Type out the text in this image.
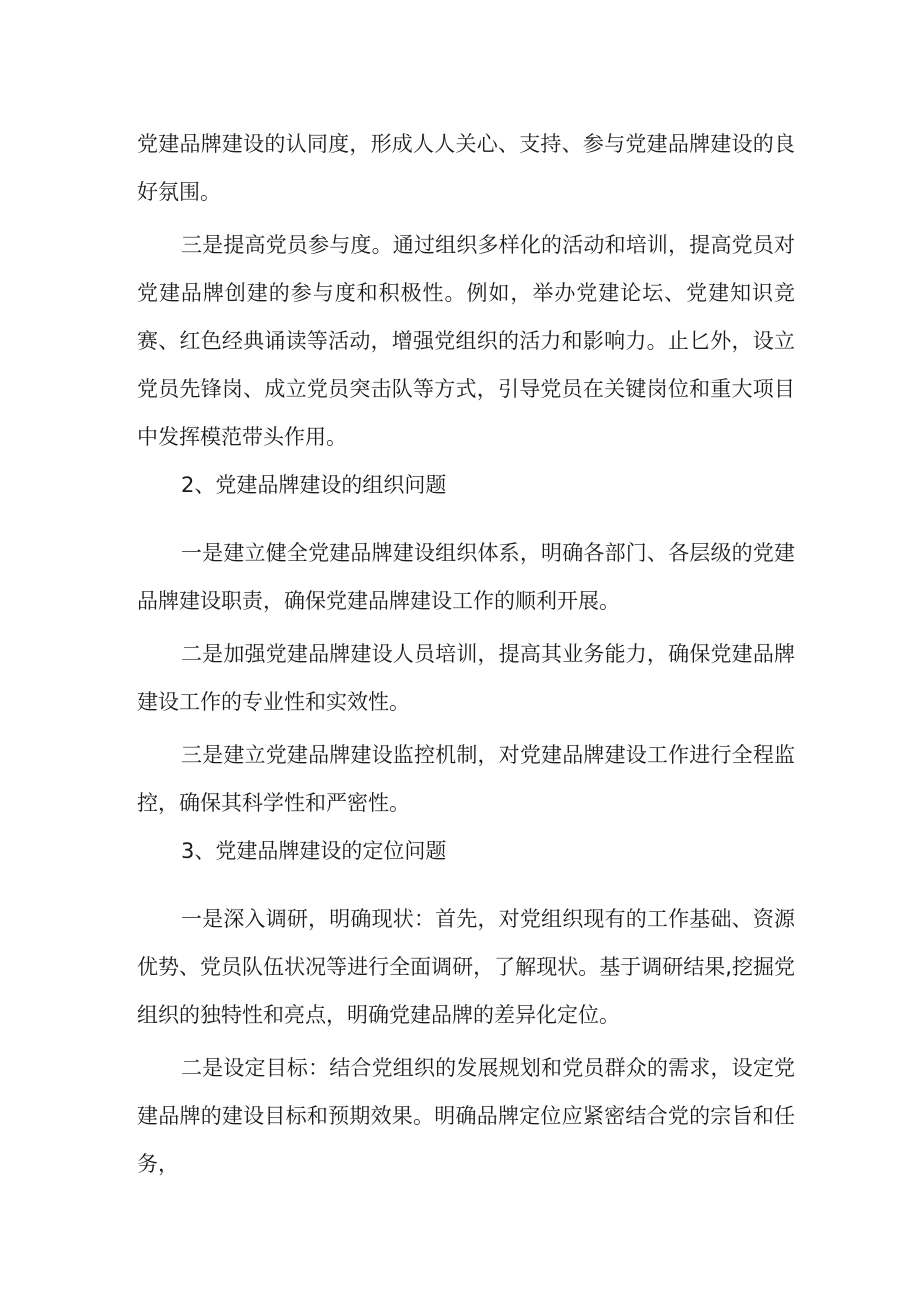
党建品牌建设的认同度，形成人人关心、支持、参与党建品牌建设的良好氛围。

三是提高党员参与度。通过组织多样化的活动和培训，提高党员对党建品牌创建的参与度和积极性。例如，举办党建论坛、党建知识竞赛、红色经典诵读等活动，增强党组织的活力和影响力。止匕外，设立党员先锋岗、成立党员突击队等方式，引导党员在关键岗位和重大项目中发挥模范带头作用。

2、党建品牌建设的组织问题

一是建立健全党建品牌建设组织体系，明确各部门、各层级的党建品牌建设职责，确保党建品牌建设工作的顺利开展。

二是加强党建品牌建设人员培训，提高其业务能力，确保党建品牌建设工作的专业性和实效性。

三是建立党建品牌建设监控机制，对党建品牌建设工作进行全程监控，确保其科学性和严密性。

3、党建品牌建设的定位问题

一是深入调研，明确现状：首先，对党组织现有的工作基础、资源优势、党员队伍状况等进行全面调研，了解现状。基于调研结果,挖掘党组织的独特性和亮点，明确党建品牌的差异化定位。

二是设定目标：结合党组织的发展规划和党员群众的需求，设定党建品牌的建设目标和预期效果。明确品牌定位应紧密结合党的宗旨和任务，
